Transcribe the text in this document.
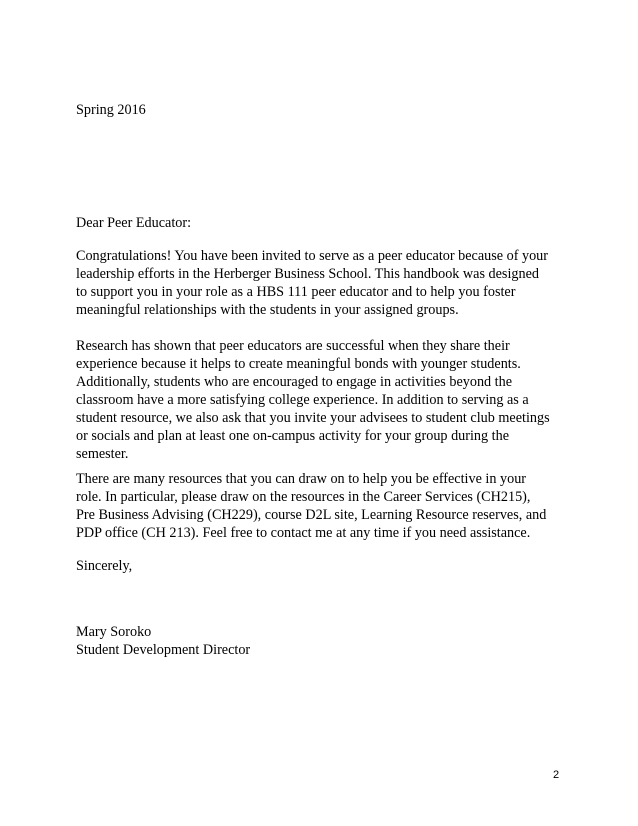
Spring 2016
Dear Peer Educator:
Congratulations! You have been invited to serve as a peer educator because of your
leadership efforts in the Herberger Business School. This handbook was designed
to support you in your role as a HBS 111 peer educator and to help you foster
meaningful relationships with the students in your assigned groups.
Research has shown that peer educators are successful when they share their
experience because it helps to create meaningful bonds with younger students.
Additionally, students who are encouraged to engage in activities beyond the
classroom have a more satisfying college experience. In addition to serving as a
student resource, we also ask that you invite your advisees to student club meetings
or socials and plan at least one on-campus activity for your group during the
semester.
There are many resources that you can draw on to help you be effective in your
role. In particular, please draw on the resources in the Career Services (CH215),
Pre Business Advising (CH229), course D2L site, Learning Resource reserves, and
PDP office (CH 213). Feel free to contact me at any time if you need assistance.
Sincerely,
Mary Soroko
Student Development Director
2
